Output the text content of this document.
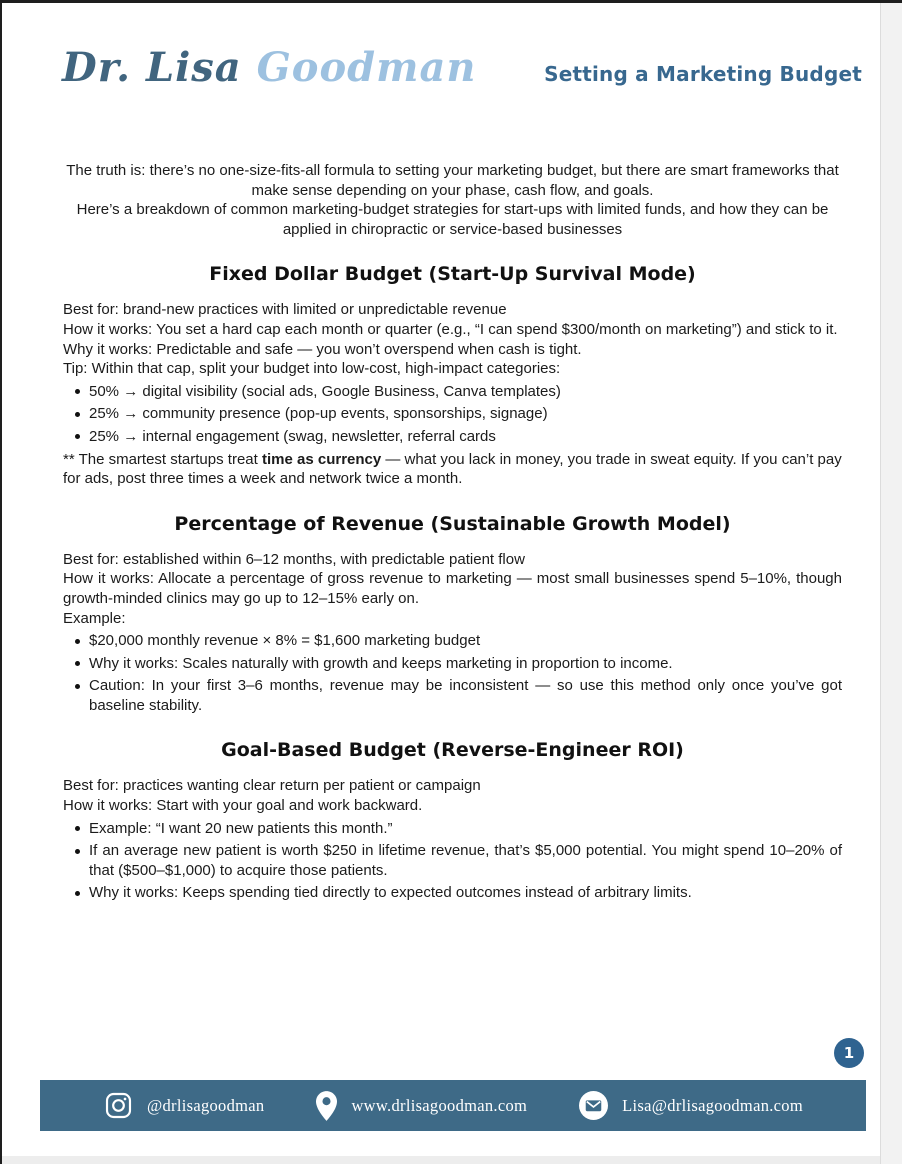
Dr. Lisa Goodman	Setting a Marketing Budget

The truth is: there’s no one-size-fits-all formula to setting your marketing budget, but there are smart frameworks that make sense depending on your phase, cash flow, and goals.

Here’s a breakdown of common marketing-budget strategies for start-ups with limited funds, and how they can be applied in chiropractic or service-based businesses

Fixed Dollar Budget (Start-Up Survival Mode)

Best for: brand-new practices with limited or unpredictable revenue

How it works: You set a hard cap each month or quarter (e.g., “I can spend $300/month on marketing”) and stick to it.

Why it works: Predictable and safe — you won’t overspend when cash is tight.

Tip: Within that cap, split your budget into low-cost, high-impact categories:

50% → digital visibility (social ads, Google Business, Canva templates)
25% → community presence (pop-up events, sponsorships, signage)
25% → internal engagement (swag, newsletter, referral cards

** The smartest startups treat time as currency — what you lack in money, you trade in sweat equity. If you can’t pay for ads, post three times a week and network twice a month.

Percentage of Revenue (Sustainable Growth Model)

Best for: established within 6–12 months, with predictable patient flow

How it works: Allocate a percentage of gross revenue to marketing — most small businesses spend 5–10%, though growth-minded clinics may go up to 12–15% early on.

Example:

$20,000 monthly revenue × 8% = $1,600 marketing budget
Why it works: Scales naturally with growth and keeps marketing in proportion to income.
Caution: In your first 3–6 months, revenue may be inconsistent — so use this method only once you’ve got baseline stability.
Goal-Based Budget (Reverse-Engineer ROI)

Best for: practices wanting clear return per patient or campaign

How it works: Start with your goal and work backward.

Example: “I want 20 new patients this month.”
If an average new patient is worth $250 in lifetime revenue, that’s $5,000 potential. You might spend 10–20% of that ($500–$1,000) to acquire those patients.
Why it works: Keeps spending tied directly to expected outcomes instead of arbitrary limits.
1
@drlisagoodman	www.drlisagoodman.com	Lisa@drlisagoodman.com
